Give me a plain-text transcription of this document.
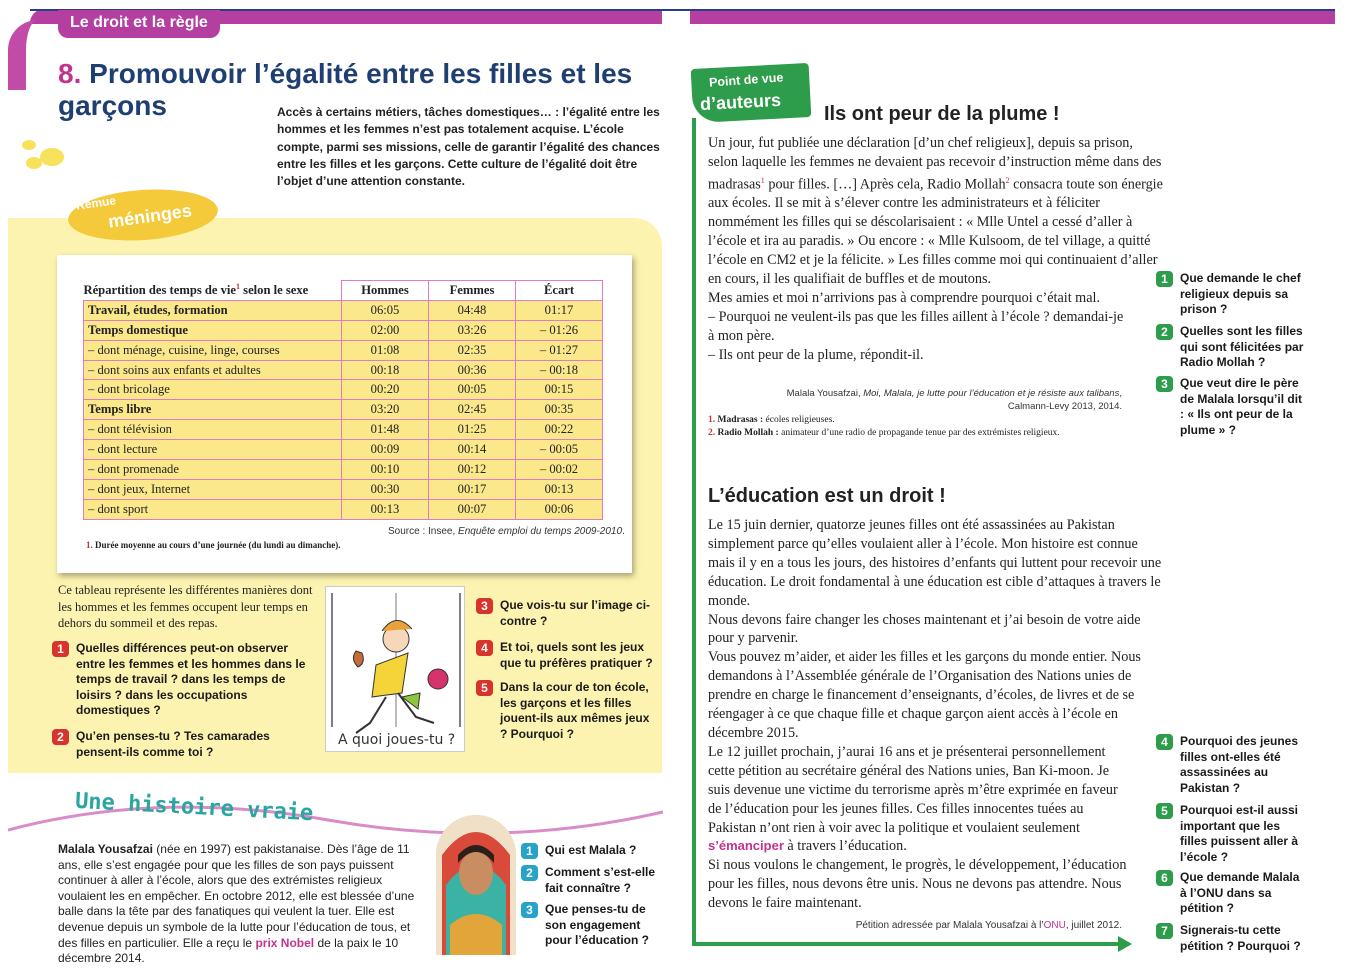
Le droit et la règle
8. Promouvoir l’égalité entre les filles et les garçons	Accès à certains métiers, tâches domestiques… : l’égalité entre les hommes et les femmes n’est pas totalement acquise. L’école compte, parmi ses missions, celle de garantir l’égalité des chances entre les filles et les garçons. Cette culture de l’égalité doit être l’objet d’une attention constante.
Remue
méninges
Répartition des temps de vie$^1$ selon le sexe	Hommes	Femmes	Écart
Travail, études, formation	06:05	04:48	01:17
Temps domestique	02:00	03:26	– 01:26
– dont ménage, cuisine, linge, courses	01:08	02:35	– 01:27
– dont soins aux enfants et adultes	00:18	00:36	– 00:18
– dont bricolage	00:20	00:05	00:15
Temps libre	03:20	02:45	00:35
– dont télévision	01:48	01:25	00:22
– dont lecture	00:09	00:14	– 00:05
– dont promenade	00:10	00:12	– 00:02
– dont jeux, Internet	00:30	00:17	00:13
– dont sport	00:13	00:07	00:06
Source : Insee, Enquête emploi du temps 2009-2010.
1. Durée moyenne au cours d’une journée (du lundi au dimanche).
Ce tableau représente les différentes manières dont les hommes et les femmes occupent leur temps en dehors du sommeil et des repas.
1	Quelles différences peut-on observer entre les femmes et les hommes dans le temps de travail ? dans les temps de loisirs ? dans les occupations domestiques ?
2	Qu’en penses-tu ? Tes camarades pensent-ils comme toi ?
A quoi joues-tu ?
3	Que vois-tu sur l’image ci-contre ?
4	Et toi, quels sont les jeux que tu préfères pratiquer ?
5	Dans la cour de ton école, les garçons et les filles jouent-ils aux mêmes jeux ? Pourquoi ?
Une histoire vraie
Malala Yousafzai (née en 1997) est pakistanaise. Dès l’âge de 11 ans, elle s’est engagée pour que les filles de son pays puissent continuer à aller à l’école, alors que des extrémistes religieux voulaient les en empêcher. En octobre 2012, elle est blessée d’une balle dans la tête par des fanatiques qui veulent la tuer. Elle est devenue depuis un symbole de la lutte pour l’éducation de tous, et des filles en particulier. Elle a reçu le prix Nobel de la paix le 10 décembre 2014.
1	Qui est Malala ?
2	Comment s’est-elle fait connaître ?
3	Que penses-tu de son engagement pour l’éducation ?
Point de vue
d’auteurs Ils ont peur de la plume !
Un jour, fut publiée une déclaration [d’un chef religieux], depuis sa prison, selon laquelle les femmes ne devaient pas recevoir d’instruction même dans des madrasas$^1$ pour filles. […] Après cela, Radio Mollah$^2$ consacra toute son énergie aux écoles. Il se mit à s’élever contre les administrateurs et à féliciter nommément les filles qui se déscolarisaient : « Mlle Untel a cessé d’aller à l’école et ira au paradis. » Ou encore : « Mlle Kulsoom, de tel village, a quitté l’école en CM2 et je la félicite. » Les filles comme moi qui continuaient d’aller en cours, il les qualifiait de buffles et de moutons.
Mes amies et moi n’arrivions pas à comprendre pourquoi c’était mal.
– Pourquoi ne veulent-ils pas que les filles aillent à l’école ? demandai-je à mon père.
– Ils ont peur de la plume, répondit-il.
Malala Yousafzai, Moi, Malala, je lutte pour l’éducation et je résiste aux talibans, Calmann-Levy 2013, 2014.
1. Madrasas : écoles religieuses.
2. Radio Mollah : animateur d’une radio de propagande tenue par des extrémistes religieux.
1	Que demande le chef religieux depuis sa prison ?
2	Quelles sont les filles qui sont félicitées par Radio Mollah ?
3	Que veut dire le père de Malala lorsqu’il dit : « Ils ont peur de la plume » ?
L’éducation est un droit !
Le 15 juin dernier, quatorze jeunes filles ont été assassinées au Pakistan simplement parce qu’elles voulaient aller à l’école. Mon histoire est connue mais il y en a tous les jours, des histoires d’enfants qui luttent pour recevoir une éducation. Le droit fondamental à une éducation est cible d’attaques à travers le monde.
Nous devons faire changer les choses maintenant et j’ai besoin de votre aide pour y parvenir.
Vous pouvez m’aider, et aider les filles et les garçons du monde entier. Nous demandons à l’Assemblée générale de l’Organisation des Nations unies de prendre en charge le financement d’enseignants, d’écoles, de livres et de se réengager à ce que chaque fille et chaque garçon aient accès à l’école en décembre 2015.
Le 12 juillet prochain, j’aurai 16 ans et je présenterai personnellement cette pétition au secrétaire général des Nations unies, Ban Ki-moon. Je suis devenue une victime du terrorisme après m’être exprimée en faveur de l’éducation pour les jeunes filles. Ces filles innocentes tuées au Pakistan n’ont rien à voir avec la politique et voulaient seulement s’émanciper à travers l’éducation.
Si nous voulons le changement, le progrès, le développement, l’éducation pour les filles, nous devons être unis. Nous ne devons pas attendre. Nous devons le faire maintenant.
Pétition adressée par Malala Yousafzai à l’ONU, juillet 2012.
4	Pourquoi des jeunes filles ont-elles été assassinées au Pakistan ?
5	Pourquoi est-il aussi important que les filles puissent aller à l’école ?
6	Que demande Malala à l’ONU dans sa pétition ?
7	Signerais-tu cette pétition ? Pourquoi ?
